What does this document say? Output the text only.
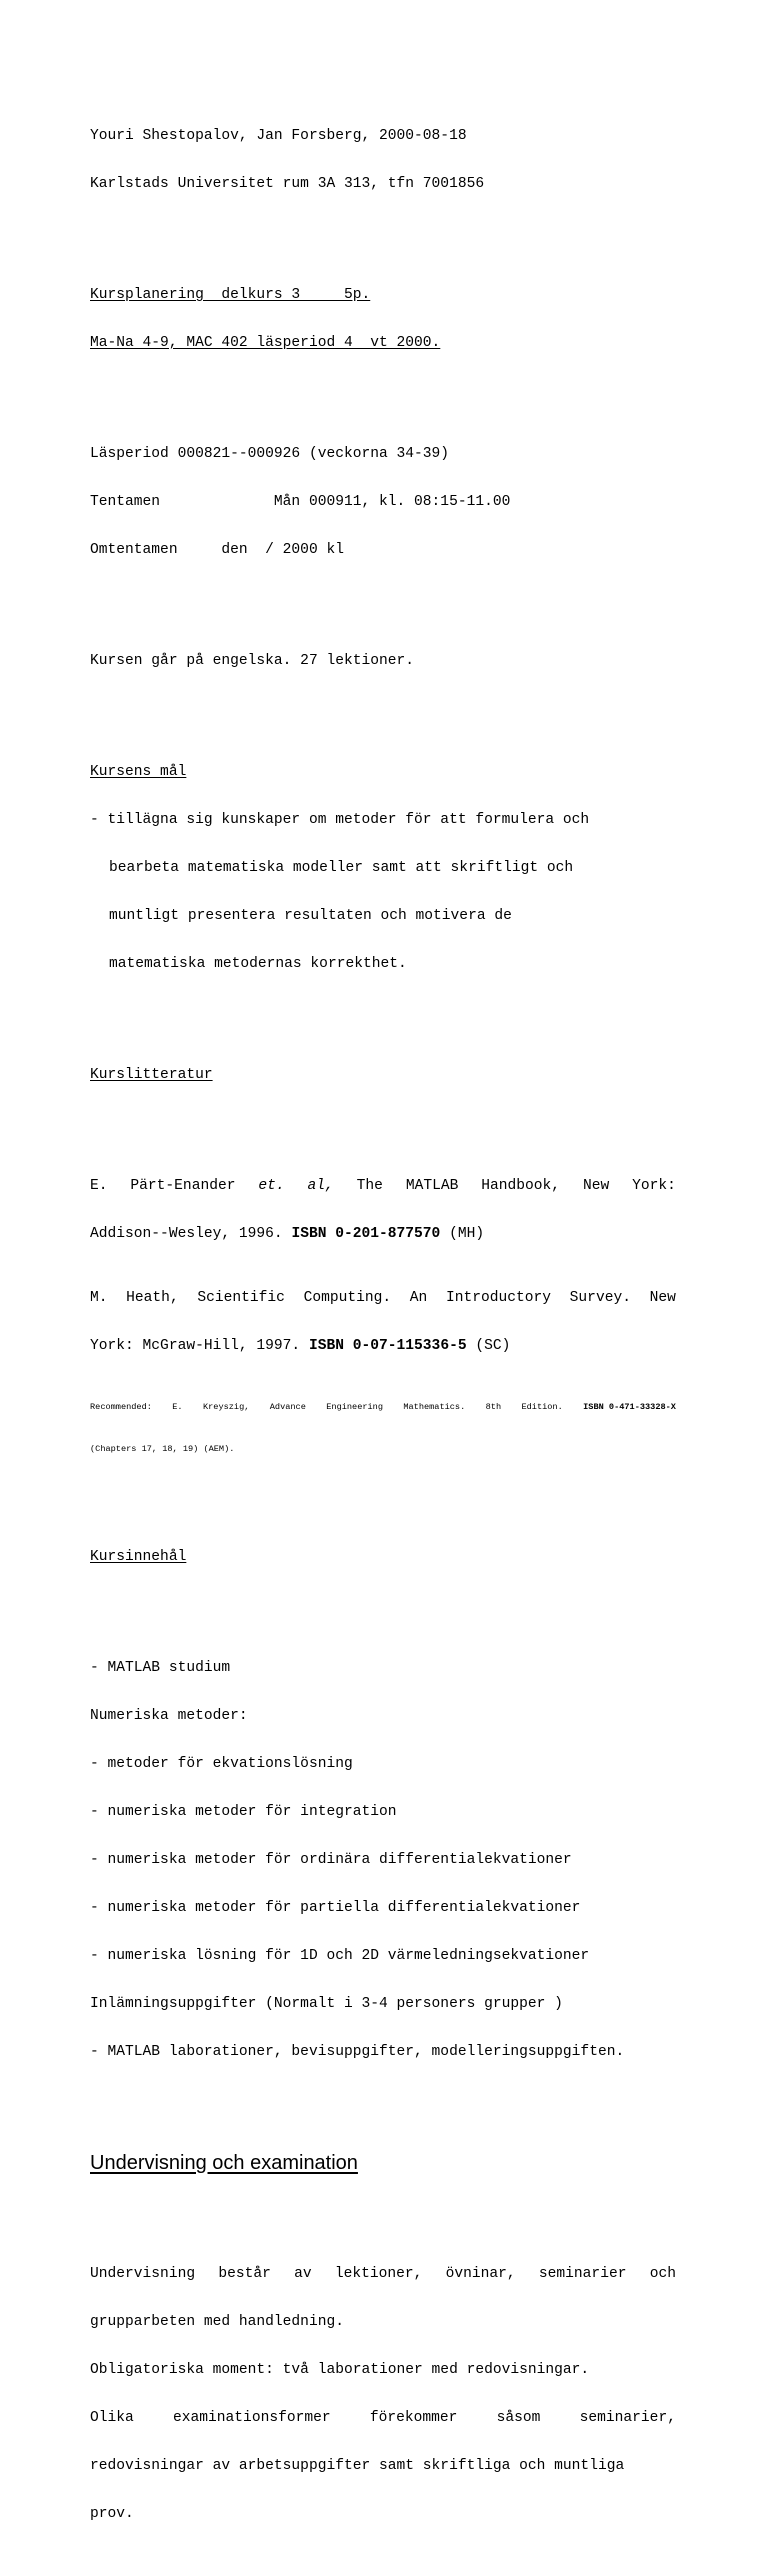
Youri Shestopalov, Jan Forsberg, 2000-08-18

Karlstads Universitet rum 3A 313, tfn 7001856

Kursplanering  delkurs 3     5p.

Ma-Na 4-9, MAC 402 läsperiod 4  vt 2000.

Läsperiod 000821--000926 (veckorna 34-39)

Tentamen             Mån 000911, kl. 08:15-11.00

Omtentamen     den  / 2000 kl

Kursen går på engelska. 27 lektioner.

Kursens mål

- tillägna sig kunskaper om metoder för att formulera och

bearbeta matematiska modeller samt att skriftligt och

muntligt presentera resultaten och motivera de

matematiska metodernas korrekthet.

Kurslitteratur

E. Pärt-Enander et. al, The MATLAB Handbook, New York:

Addison--Wesley, 1996. ISBN 0-201-877570 (MH)

M. Heath, Scientific Computing. An Introductory Survey. New

York: McGraw-Hill, 1997. ISBN 0-07-115336-5 (SC)

Recommended: E. Kreyszig, Advance Engineering Mathematics. 8th Edition. ISBN 0-471-33328-X

(Chapters 17, 18, 19) (AEM).

Kursinnehål

- MATLAB studium

Numeriska metoder:

- metoder för ekvationslösning

- numeriska metoder för integration

- numeriska metoder för ordinära differentialekvationer

- numeriska metoder för partiella differentialekvationer

- numeriska lösning för 1D och 2D värmeledningsekvationer

Inlämningsuppgifter (Normalt i 3-4 personers grupper )

- MATLAB laborationer, bevisuppgifter, modelleringsuppgiften.

Undervisning och examination

Undervisning består av lektioner, övninar, seminarier och

grupparbeten med handledning.

Obligatoriska moment: två laborationer med redovisningar.

Olika	examinationsformer	förekommer	såsom	seminarier,

redovisningar av arbetsuppgifter samt skriftliga och muntliga

prov.
